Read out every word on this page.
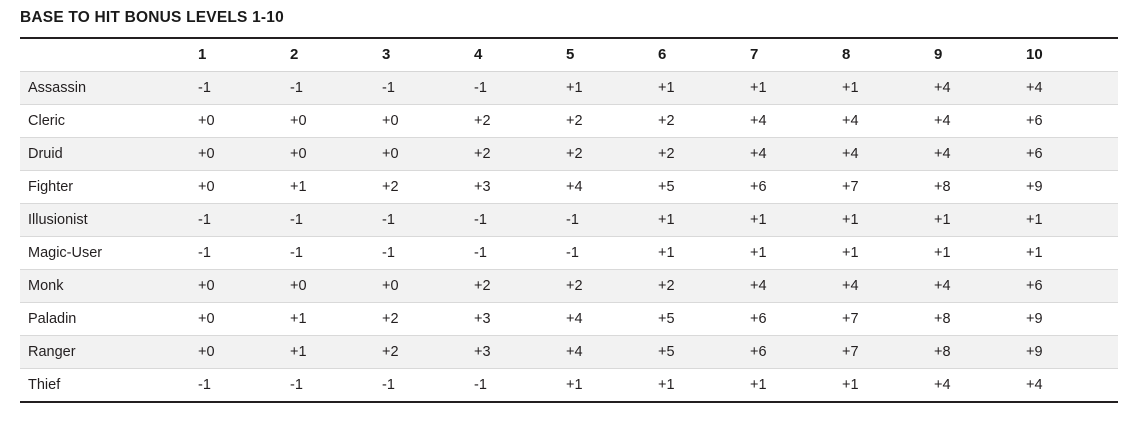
BASE TO HIT BONUS LEVELS 1-10
	1	2	3	4	5	6	7	8	9	10
Assassin	-1	-1	-1	-1	+1	+1	+1	+1	+4	+4
Cleric	+0	+0	+0	+2	+2	+2	+4	+4	+4	+6
Druid	+0	+0	+0	+2	+2	+2	+4	+4	+4	+6
Fighter	+0	+1	+2	+3	+4	+5	+6	+7	+8	+9
Illusionist	-1	-1	-1	-1	-1	+1	+1	+1	+1	+1
Magic-User	-1	-1	-1	-1	-1	+1	+1	+1	+1	+1
Monk	+0	+0	+0	+2	+2	+2	+4	+4	+4	+6
Paladin	+0	+1	+2	+3	+4	+5	+6	+7	+8	+9
Ranger	+0	+1	+2	+3	+4	+5	+6	+7	+8	+9
Thief	-1	-1	-1	-1	+1	+1	+1	+1	+4	+4
